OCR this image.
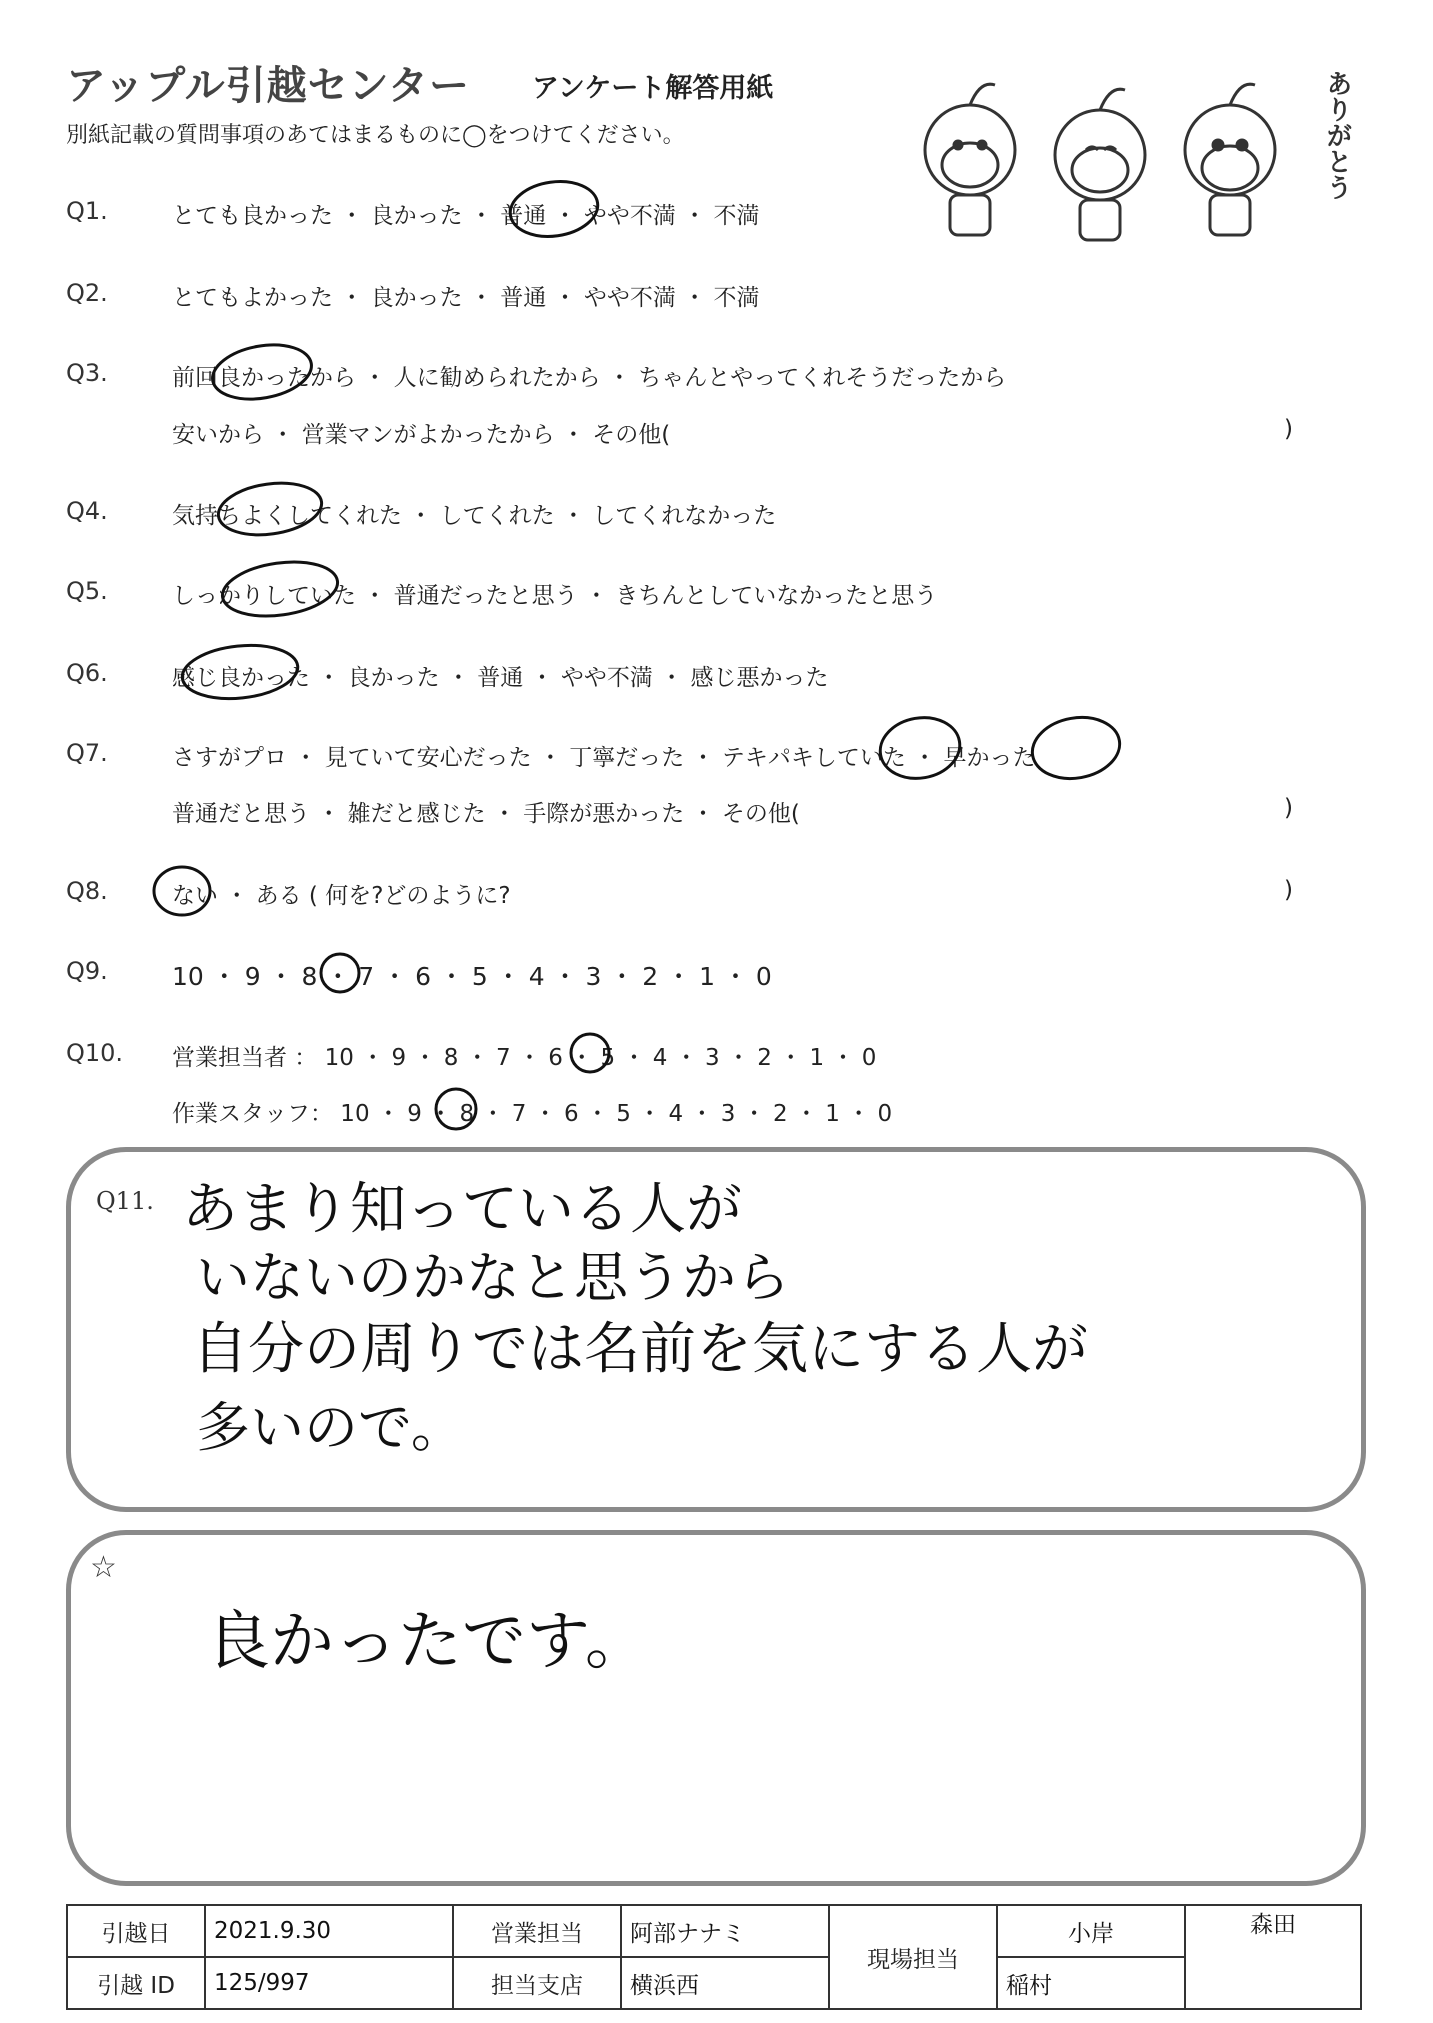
アップル引越センター アンケート解答用紙
別紙記載の質問事項のあてはまるものに◯をつけてください。	ありがとう
Q1.	とても良かった ・ 良かった ・ 普通 ・ やや不満 ・ 不満
Q2.	とてもよかった ・ 良かった ・ 普通 ・ やや不満 ・ 不満
Q3.	前回良かったから ・ 人に勧められたから ・ ちゃんとやってくれそうだったから
安いから ・ 営業マンがよかったから ・ その他(	)
Q4.	気持ちよくしてくれた ・ してくれた ・ してくれなかった
Q5.	しっかりしていた ・ 普通だったと思う ・ きちんとしていなかったと思う
Q6.	感じ良かった ・ 良かった ・ 普通 ・ やや不満 ・ 感じ悪かった
Q7.	さすがプロ ・ 見ていて安心だった ・ 丁寧だった ・ テキパキしていた ・ 早かった
普通だと思う ・ 雑だと感じた ・ 手際が悪かった ・ その他(	)
Q8.	ない ・ ある ( 何を?どのように?	)
Q9.	10 ・ 9 ・ 8 ・ 7 ・ 6 ・ 5 ・ 4 ・ 3 ・ 2 ・ 1 ・ 0
Q10. 営業担当者 ： 10 ・ 9 ・ 8 ・ 7 ・ 6 ・ 5 ・ 4 ・ 3 ・ 2 ・ 1 ・ 0
作業スタッフ： 10 ・ 9 ・ 8 ・ 7 ・ 6 ・ 5 ・ 4 ・ 3 ・ 2 ・ 1 ・ 0
Q11. あまり知っている人が
いないのかなと思うから
自分の周りでは名前を気にする人が
多いので。
☆
良かったです。
引越日	2021.9.30	営業担当	阿部ナナミ	現場担当	小岸	森田
引越 ID	125/997	担当支店	横浜西		稲村	
